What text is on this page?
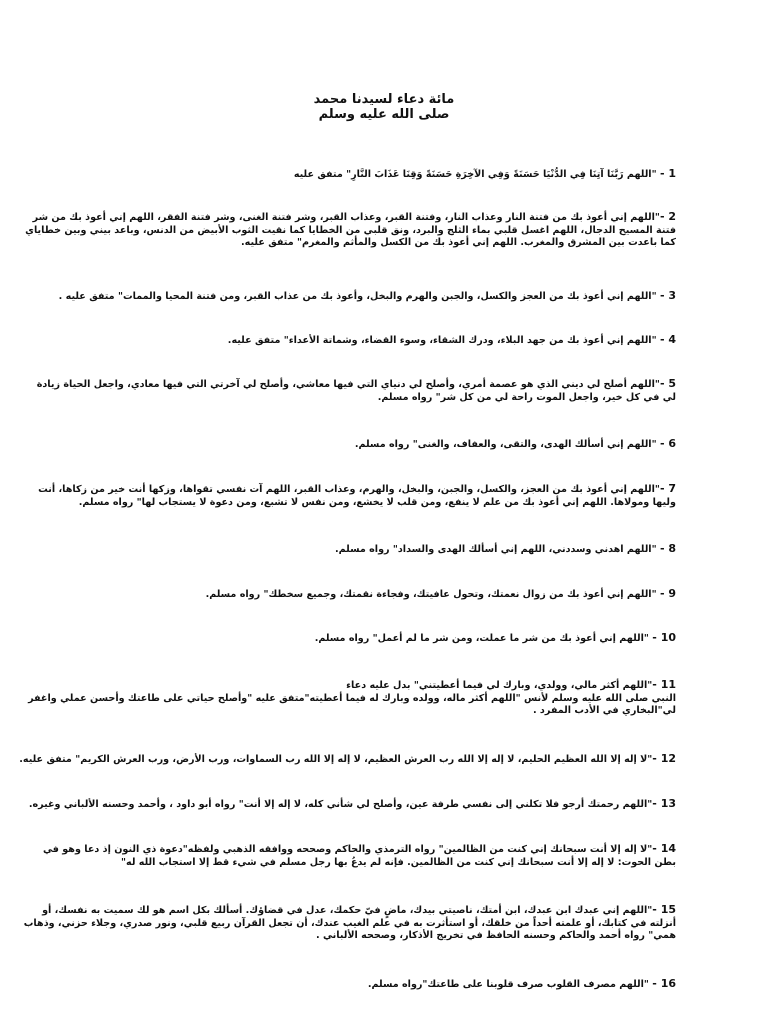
مائة دعاء لسيدنا محمد
صلى الله عليه وسلم
1 - "اللهم رَبَّنَا آتِنَا فِي الدُّنْيَا حَسَنَةً وَفِي الآخِرَةِ حَسَنَةً وَقِنَا عَذَابَ النَّارِ" متفق عليه
2 -"اللهم إني أعوذ بك من فتنة النار وعذاب النار، وفتنة القبر، وعذاب القبر، وشر فتنة الغنى، وشر فتنة الفقر، اللهم إني أعوذ بك من شر
فتنة المسيح الدجال، اللهم اغسل قلبي بماء الثلج والبرد، ونق قلبي من الخطايا كما نقيت الثوب الأبيض من الدنس، وباعد بيني وبين خطاياي
كما باعدت بين المشرق والمغرب. اللهم إني أعوذ بك من الكسل والمأثم والمغرم" متفق عليه.
3 - "اللهم إني أعوذ بك من العجز والكسل، والجبن والهرم والبخل، وأعوذ بك من عذاب القبر، ومن فتنة المحيا والممات" متفق عليه .
4 - "اللهم إني أعوذ بك من جهد البلاء، ودرك الشقاء، وسوء القضاء، وشماتة الأعداء" متفق عليه.
5 -"اللهم أصلح لي ديني الذي هو عصمة أمري، وأصلح لي دنياي التي فيها معاشي، وأصلح لي آخرتي التي فيها معادي، واجعل الحياة زيادة
لي في كل خير، واجعل الموت راحة لي من كل شر" رواه مسلم.
6 - "اللهم إني أسألك الهدى، والتقى، والعفاف، والغنى" رواه مسلم.
7 -"اللهم إني أعوذ بك من العجز، والكسل، والجبن، والبخل، والهرم، وعذاب القبر، اللهم آت نفسي تقواها، وزكها أنت خير من زكاها، أنت
وليها ومولاها. اللهم إني أعوذ بك من علم لا ينفع، ومن قلب لا يخشع، ومن نفس لا تشبع، ومن دعوة لا يستجاب لها" رواه مسلم.
8 - "اللهم اهدني وسددني، اللهم إني أسألك الهدى والسداد" رواه مسلم.
9 - "اللهم إني أعوذ بك من زوال نعمتك، وتحول عافيتك، وفجاءة نقمتك، وجميع سخطك" رواه مسلم.
10 - "اللهم إني أعوذ بك من شر ما عملت، ومن شر ما لم أعمل" رواه مسلم.
11 -"اللهم أكثر مالي، وولدي، وبارك لي فيما أعطيتني" بدل عليه دعاء
النبي صلى الله عليه وسلم لأنس "اللهم أكثر ماله، وولده وبارك له فيما أعطيته"متفق عليه "وأصلح حياتي على طاعتك وأحسن عملي واغفر
لي"البخاري في الأدب المفرد .
12 -"لا إله إلا الله العظيم الحليم، لا إله إلا الله رب العرش العظيم، لا إله إلا الله رب السماوات، ورب الأرض، ورب العرش الكريم" متفق عليه.
13 -"اللهم رحمتك أرجو فلا تكلني إلى نفسي طرفة عين، وأصلح لي شأني كله، لا إله إلا أنت" رواه أبو داود ، وأحمد وحسنه الألباني وغيره.
14 -"لا إله إلا أنت سبحانك إني كنت من الظالمين" رواه الترمذي والحاكم وصححه ووافقه الذهبي ولفظه"دعوة ذي النون إذ دعا وهو في
بطن الحوت: لا إله إلا أنت سبحانك إني كنت من الظالمين. فإنه لم يدعُ بها رجل مسلم في شيء قط إلا استجاب الله له"
15 -"اللهم إني عبدك ابن عبدك، ابن أمتك، ناصيتي بيدك، ماضٍ فيّ حكمك، عدل في قضاؤك. أسألك بكل اسم هو لك سميت به نفسك، أو
أنزلته في كتابك، أو علمته أحداً من خلقك، أو استأثرت به في علم الغيب عندك، أن تجعل القرآن ربيع قلبي، ونور صدري، وجلاء حزني، وذهاب
همي" رواه أحمد والحاكم وحسنه الحافظ في تخريج الأذكار، وصححه الألباني .
16 - "اللهم مصرف القلوب صرف قلوبنا على طاعتك"رواه مسلم.
